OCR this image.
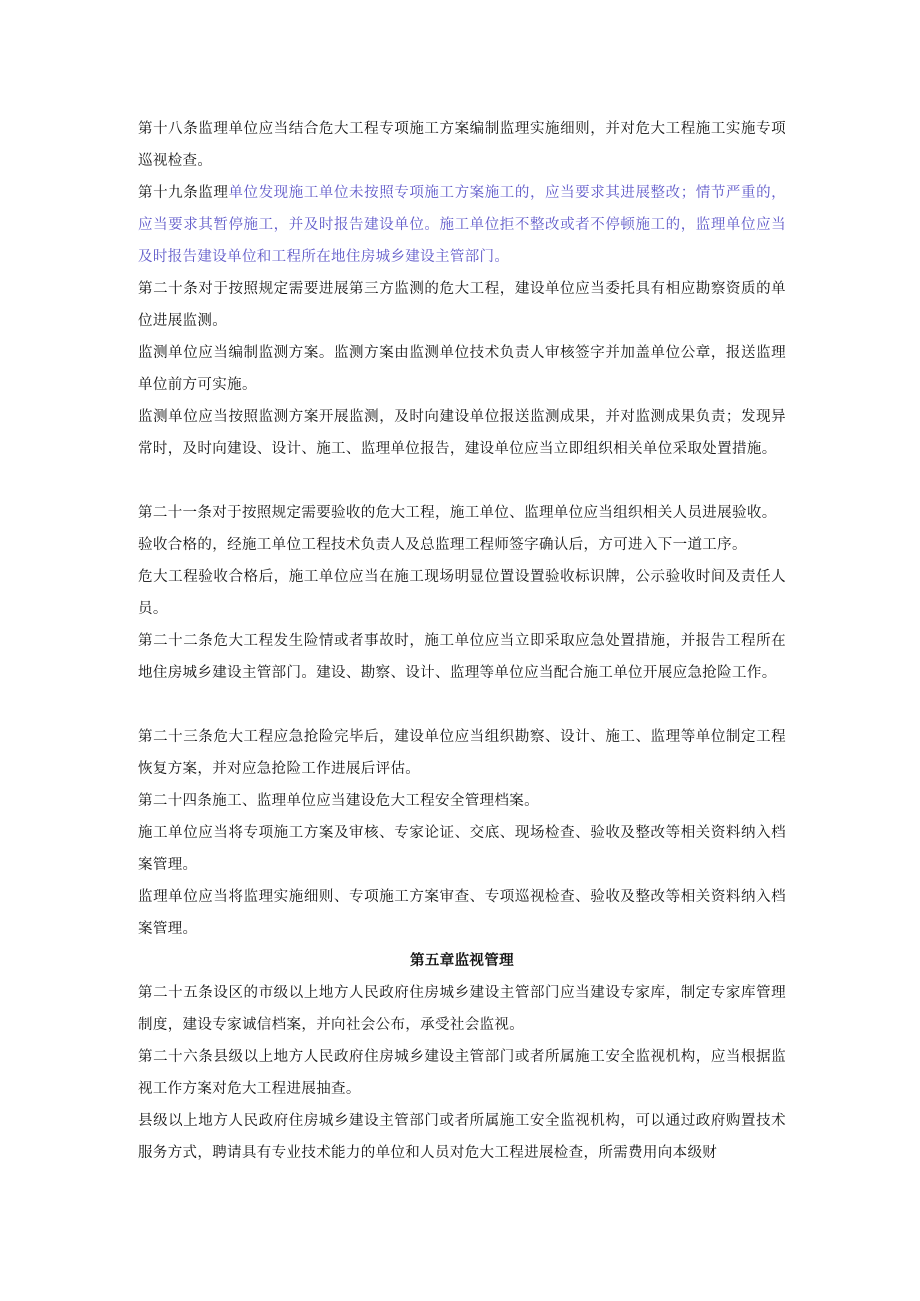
第十八条监理单位应当结合危大工程专项施工方案编制监理实施细则，并对危大工程施工实施专项巡视检查。

第十九条监理单位发现施工单位未按照专项施工方案施工的，应当要求其进展整改；情节严重的，应当要求其暂停施工，并及时报告建设单位。施工单位拒不整改或者不停顿施工的，监理单位应当及时报告建设单位和工程所在地住房城乡建设主管部门。

第二十条对于按照规定需要进展第三方监测的危大工程，建设单位应当委托具有相应勘察资质的单位进展监测。

监测单位应当编制监测方案。监测方案由监测单位技术负责人审核签字并加盖单位公章，报送监理单位前方可实施。

监测单位应当按照监测方案开展监测，及时向建设单位报送监测成果，并对监测成果负责；发现异常时，及时向建设、设计、施工、监理单位报告，建设单位应当立即组织相关单位采取处置措施。

第二十一条对于按照规定需要验收的危大工程，施工单位、监理单位应当组织相关人员进展验收。

验收合格的，经施工单位工程技术负责人及总监理工程师签字确认后，方可进入下一道工序。

危大工程验收合格后，施工单位应当在施工现场明显位置设置验收标识牌，公示验收时间及责任人员。

第二十二条危大工程发生险情或者事故时，施工单位应当立即采取应急处置措施，并报告工程所在地住房城乡建设主管部门。建设、勘察、设计、监理等单位应当配合施工单位开展应急抢险工作。

第二十三条危大工程应急抢险完毕后，建设单位应当组织勘察、设计、施工、监理等单位制定工程恢复方案，并对应急抢险工作进展后评估。

第二十四条施工、监理单位应当建设危大工程安全管理档案。

施工单位应当将专项施工方案及审核、专家论证、交底、现场检查、验收及整改等相关资料纳入档案管理。

监理单位应当将监理实施细则、专项施工方案审查、专项巡视检查、验收及整改等相关资料纳入档案管理。

第五章监视管理

第二十五条设区的市级以上地方人民政府住房城乡建设主管部门应当建设专家库，制定专家库管理制度，建设专家诚信档案，并向社会公布，承受社会监视。

第二十六条县级以上地方人民政府住房城乡建设主管部门或者所属施工安全监视机构，应当根据监视工作方案对危大工程进展抽查。

县级以上地方人民政府住房城乡建设主管部门或者所属施工安全监视机构，可以通过政府购置技术服务方式，聘请具有专业技术能力的单位和人员对危大工程进展检查，所需费用向本级财
